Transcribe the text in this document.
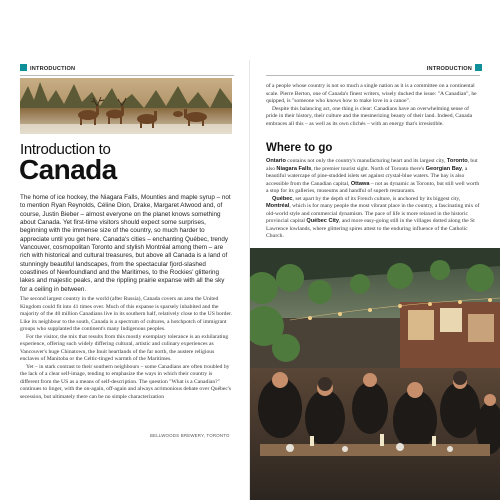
INTRODUCTION
Introduction to
Canada

The home of ice hockey, the Niagara Falls, Mounties and maple syrup – not to mention Ryan Reynolds, Céline Dion, Drake, Margaret Atwood and, of course, Justin Bieber – almost everyone on the planet knows something about Canada. Yet first-time visitors should expect some surprises, beginning with the immense size of the country, so much harder to appreciate until you get here. Canada's cities – enchanting Québec, trendy Vancouver, cosmopolitan Toronto and stylish Montréal among them – are rich with historical and cultural treasures, but above all Canada is a land of stunningly beautiful landscapes, from the spectacular fjord-slashed coastlines of Newfoundland and the Maritimes, to the Rockies' glittering lakes and majestic peaks, and the rippling prairie expanse with all the sky for a ceiling in between.

The second largest country in the world (after Russia), Canada covers an area the United Kingdom could fit into 41 times over. Much of this expanse is sparsely inhabited and the majority of the 40 million Canadians live in its southern half, relatively close to the US border. Like its neighbour to the south, Canada is a spectrum of cultures, a hotchpotch of immigrant groups who supplanted the continent's many Indigenous peoples.

For the visitor, the mix that results from this mostly exemplary tolerance is an exhilarating experience, offering such widely differing cultural, artistic and culinary experiences as Vancouver's huge Chinatown, the Inuit heartlands of the far north, the austere religious enclaves of Manitoba or the Celtic-tinged warmth of the Maritimes.

Yet – in stark contrast to their southern neighbours – some Canadians are often troubled by the lack of a clear self-image, tending to emphasize the ways in which their country is different from the US as a means of self-description. The question "What is a Canadian?" continues to linger, with the on-again, off-again and always acrimonious debate over Québec's secession, but ultimately there can be no simple characterization

INTRODUCTION

of a people whose country is not so much a single nation as it is a committee on a continental scale. Pierre Berton, one of Canada's finest writers, wisely ducked the issue: "A Canadian", he quipped, is "someone who knows how to make love in a canoe".

Despite this balancing act, one thing is clear: Canadians have an overwhelming sense of pride in their history, their culture and the mesmerizing beauty of their land. Indeed, Canada embraces all this – as well as its own clichés – with an energy that's irresistible.

Where to go

Ontario contains not only the country's manufacturing heart and its largest city, Toronto, but also Niagara Falls, the premier tourist sight. North of Toronto there's Georgian Bay, a beautiful watercape of pine-studded islets set against crystal-blue waters. The bay is also accessible from the Canadian capital, Ottawa – not as dynamic as Toronto, but still well worth a stop for its galleries, museums and handful of superb restaurants.

Québec, set apart by the depth of its French culture, is anchored by its biggest city, Montréal, which is for many people the most vibrant place in the country, a fascinating mix of old-world style and commercial dynamism. The pace of life is more relaxed in the historic provincial capital Québec City, and more easy-going still in the villages dotted along the St Lawrence lowlands, where glittering spires attest to the enduring influence of the Catholic Church.

BELLWOODS BREWERY, TORONTO
